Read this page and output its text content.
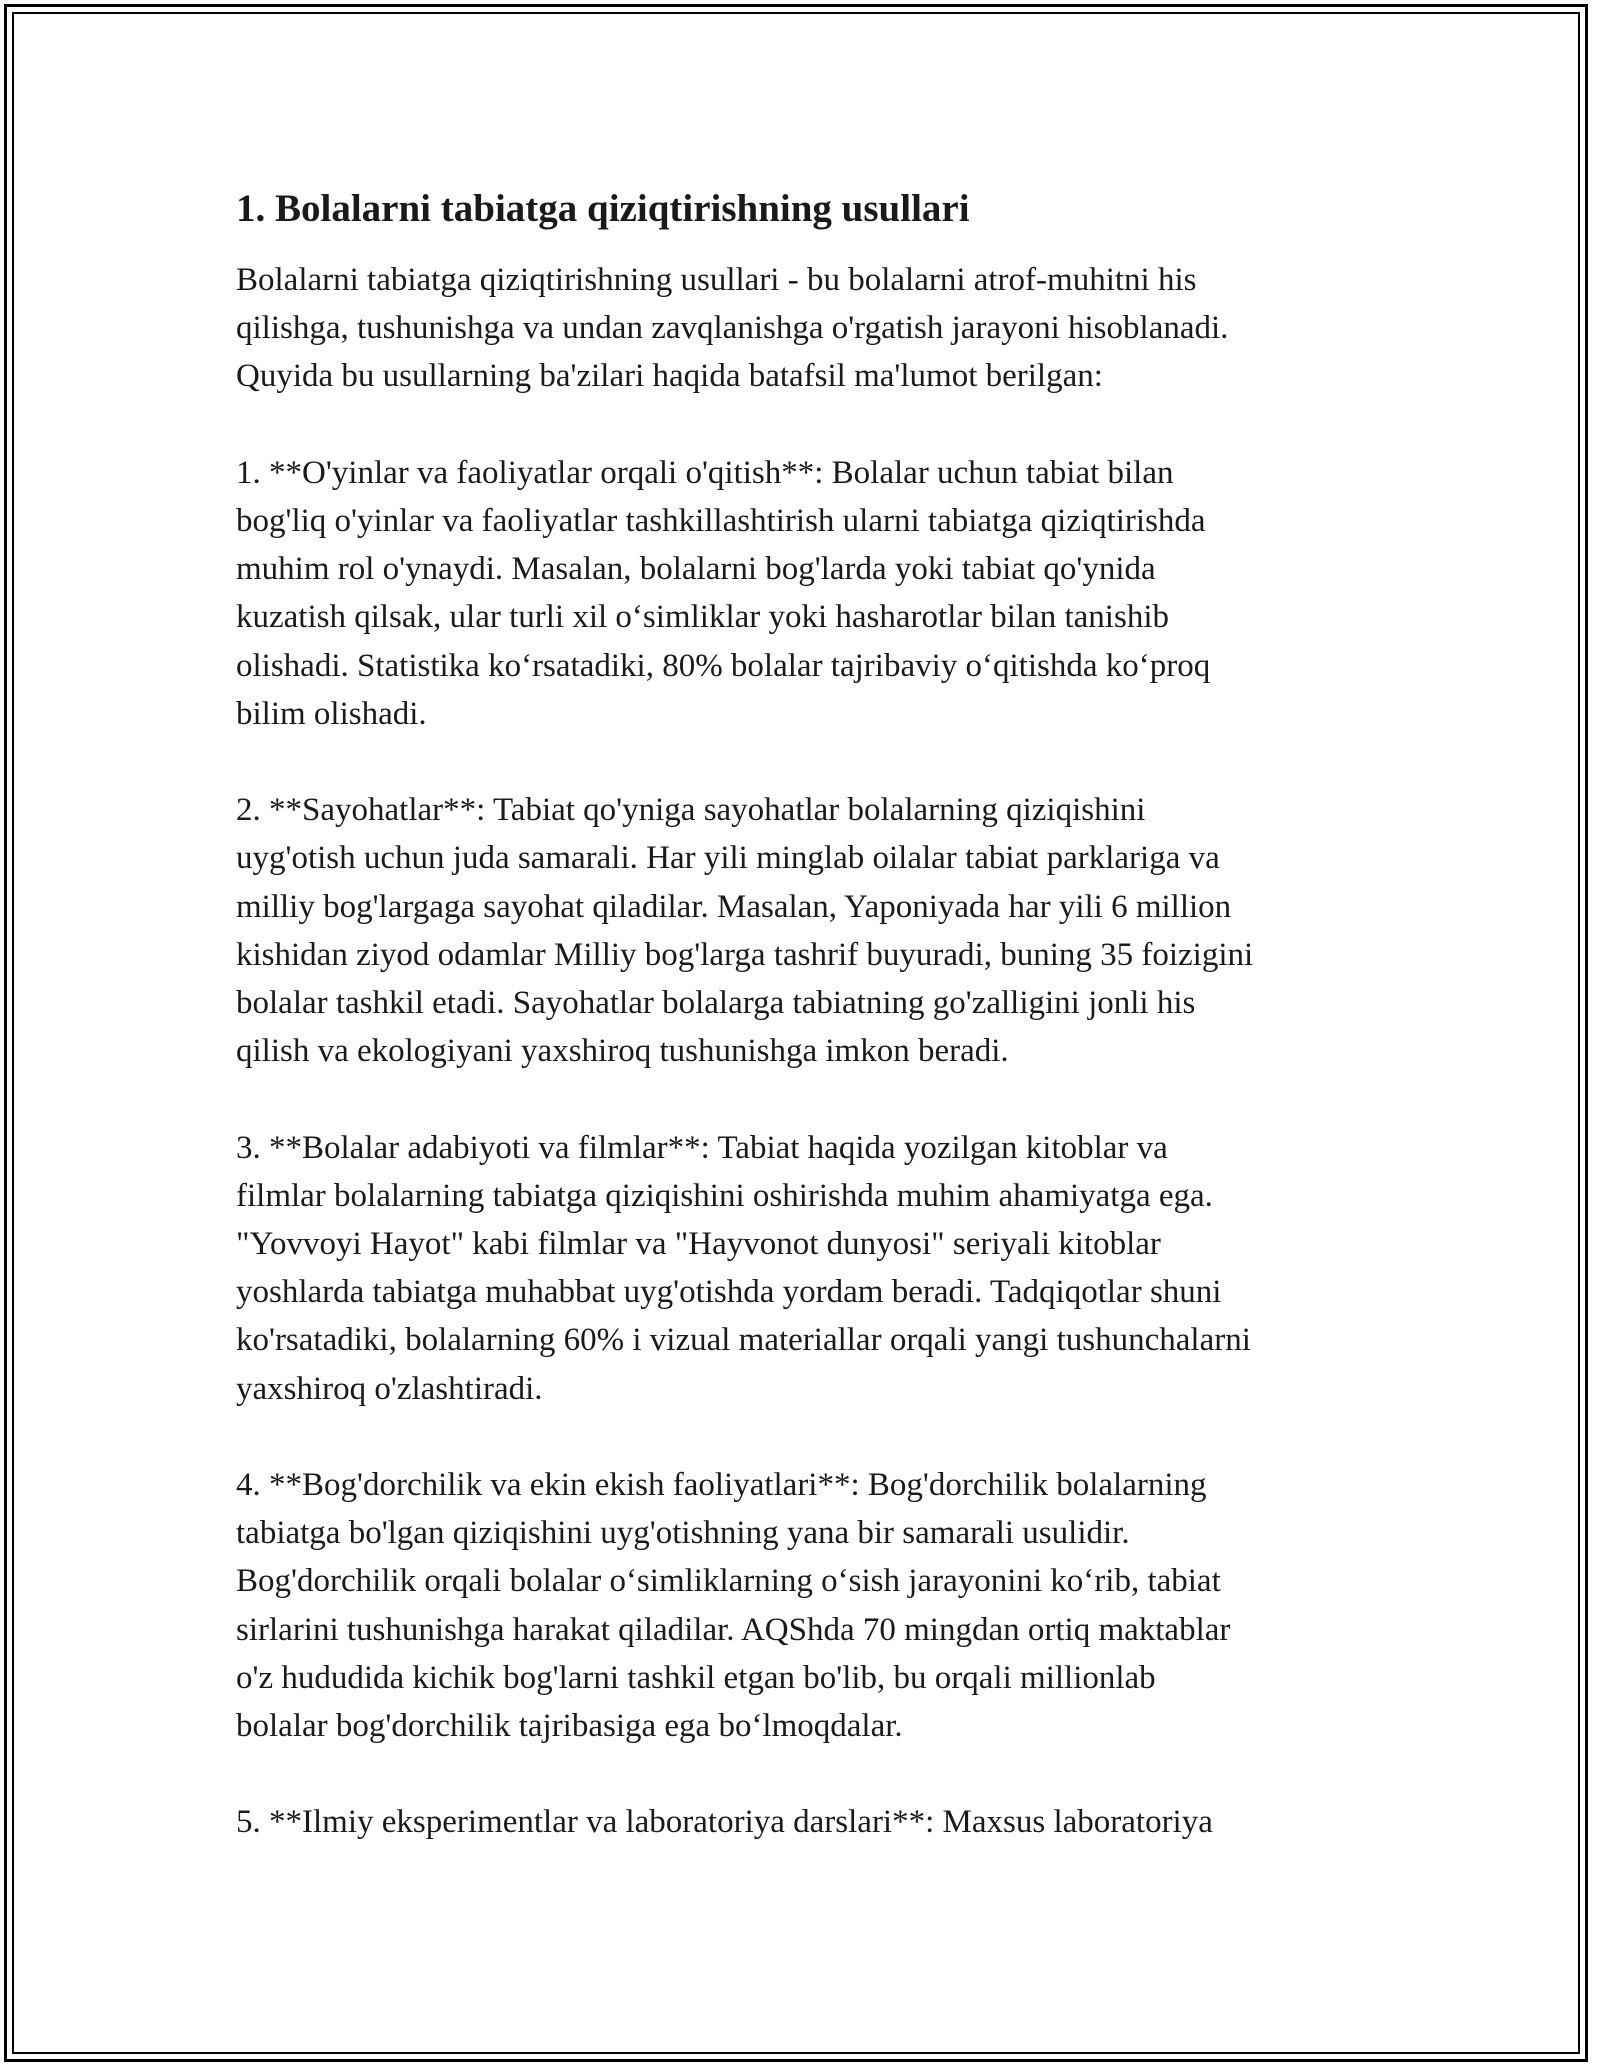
1. Bolalarni tabiatga qiziqtirishning usullari

Bolalarni tabiatga qiziqtirishning usullari - bu bolalarni atrof-muhitni his
qilishga, tushunishga va undan zavqlanishga o'rgatish jarayoni hisoblanadi.
Quyida bu usullarning ba'zilari haqida batafsil ma'lumot berilgan:

1. **O'yinlar va faoliyatlar orqali o'qitish**: Bolalar uchun tabiat bilan
bog'liq o'yinlar va faoliyatlar tashkillashtirish ularni tabiatga qiziqtirishda
muhim rol o'ynaydi. Masalan, bolalarni bog'larda yoki tabiat qo'ynida
kuzatish qilsak, ular turli xil o‘simliklar yoki hasharotlar bilan tanishib
olishadi. Statistika ko‘rsatadiki, 80% bolalar tajribaviy o‘qitishda ko‘proq
bilim olishadi.

2. **Sayohatlar**: Tabiat qo'yniga sayohatlar bolalarning qiziqishini
uyg'otish uchun juda samarali. Har yili minglab oilalar tabiat parklariga va
milliy bog'largaga sayohat qiladilar. Masalan, Yaponiyada har yili 6 million
kishidan ziyod odamlar Milliy bog'larga tashrif buyuradi, buning 35 foizigini
bolalar tashkil etadi. Sayohatlar bolalarga tabiatning go'zalligini jonli his
qilish va ekologiyani yaxshiroq tushunishga imkon beradi.

3. **Bolalar adabiyoti va filmlar**: Tabiat haqida yozilgan kitoblar va
filmlar bolalarning tabiatga qiziqishini oshirishda muhim ahamiyatga ega.
"Yovvoyi Hayot" kabi filmlar va "Hayvonot dunyosi" seriyali kitoblar
yoshlarda tabiatga muhabbat uyg'otishda yordam beradi. Tadqiqotlar shuni
ko'rsatadiki, bolalarning 60% i vizual materiallar orqali yangi tushunchalarni
yaxshiroq o'zlashtiradi.

4. **Bog'dorchilik va ekin ekish faoliyatlari**: Bog'dorchilik bolalarning
tabiatga bo'lgan qiziqishini uyg'otishning yana bir samarali usulidir.
Bog'dorchilik orqali bolalar o‘simliklarning o‘sish jarayonini ko‘rib, tabiat
sirlarini tushunishga harakat qiladilar. AQShda 70 mingdan ortiq maktablar
o'z hududida kichik bog'larni tashkil etgan bo'lib, bu orqali millionlab
bolalar bog'dorchilik tajribasiga ega bo‘lmoqdalar.

5. **Ilmiy eksperimentlar va laboratoriya darslari**: Maxsus laboratoriya
